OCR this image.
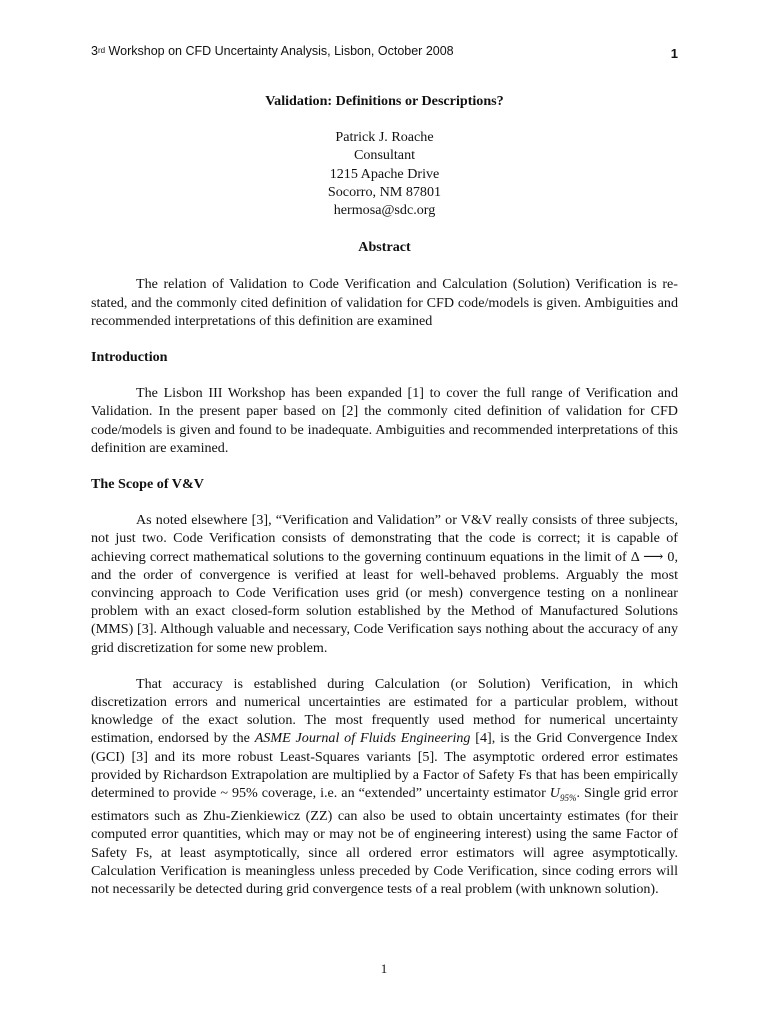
3rd Workshop on CFD Uncertainty Analysis, Lisbon, October 2008	1
Validation: Definitions or Descriptions?
Patrick J. Roache
Consultant
1215 Apache Drive
Socorro, NM 87801
hermosa@sdc.org
Abstract

The relation of Validation to Code Verification and Calculation (Solution) Verification is re-stated, and the commonly cited definition of validation for CFD code/models is given. Ambiguities and recommended interpretations of this definition are examined

Introduction

The Lisbon III Workshop has been expanded [1] to cover the full range of Verification and Validation. In the present paper based on [2] the commonly cited definition of validation for CFD code/models is given and found to be inadequate. Ambiguities and recommended interpretations of this definition are examined.

The Scope of V&V

As noted elsewhere [3], “Verification and Validation” or V&V really consists of three subjects, not just two. Code Verification consists of demonstrating that the code is correct; it is capable of achieving correct mathematical solutions to the governing continuum equations in the limit of Δ ⟶ 0, and the order of convergence is verified at least for well-behaved problems. Arguably the most convincing approach to Code Verification uses grid (or mesh) convergence testing on a nonlinear problem with an exact closed-form solution established by the Method of Manufactured Solutions (MMS) [3]. Although valuable and necessary, Code Verification says nothing about the accuracy of any grid discretization for some new problem.

That accuracy is established during Calculation (or Solution) Verification, in which discretization errors and numerical uncertainties are estimated for a particular problem, without knowledge of the exact solution. The most frequently used method for numerical uncertainty estimation, endorsed by the ASME Journal of Fluids Engineering [4], is the Grid Convergence Index (GCI) [3] and its more robust Least-Squares variants [5]. The asymptotic ordered error estimates provided by Richardson Extrapolation are multiplied by a Factor of Safety Fs that has been empirically determined to provide ~ 95% coverage, i.e. an “extended” uncertainty estimator $U_{95\%}$. Single grid error estimators such as Zhu-Zienkiewicz (ZZ) can also be used to obtain uncertainty estimates (for their computed error quantities, which may or may not be of engineering interest) using the same Factor of Safety Fs, at least asymptotically, since all ordered error estimators will agree asymptotically. Calculation Verification is meaningless unless preceded by Code Verification, since coding errors will not necessarily be detected during grid convergence tests of a real problem (with unknown solution).

1
